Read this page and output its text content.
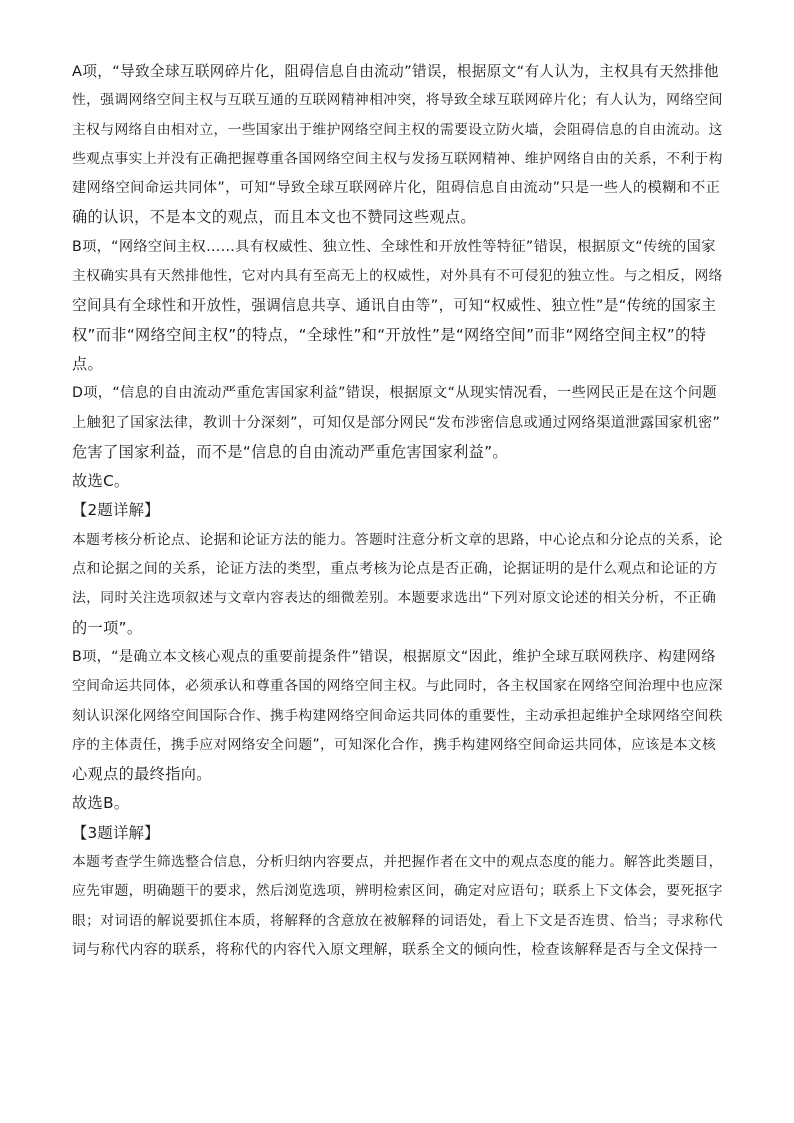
A项，“导致全球互联网碎片化，阻碍信息自由流动”错误，根据原文“有人认为，主权具有天然排他
性，强调网络空间主权与互联互通的互联网精神相冲突，将导致全球互联网碎片化；有人认为，网络空间
主权与网络自由相对立，一些国家出于维护网络空间主权的需要设立防火墙，会阻碍信息的自由流动。这
些观点事实上并没有正确把握尊重各国网络空间主权与发扬互联网精神、维护网络自由的关系，不利于构
建网络空间命运共同体”，可知“导致全球互联网碎片化，阻碍信息自由流动”只是一些人的模糊和不正
确的认识，不是本文的观点，而且本文也不赞同这些观点。
B项，“网络空间主权……具有权威性、独立性、全球性和开放性等特征”错误，根据原文“传统的国家
主权确实具有天然排他性，它对内具有至高无上的权威性，对外具有不可侵犯的独立性。与之相反，网络
空间具有全球性和开放性，强调信息共享、通讯自由等”，可知“权威性、独立性”是“传统的国家主
权”而非“网络空间主权”的特点，“全球性”和“开放性”是“网络空间”而非“网络空间主权”的特
点。
D项，“信息的自由流动严重危害国家利益”错误，根据原文“从现实情况看，一些网民正是在这个问题
上触犯了国家法律，教训十分深刻”，可知仅是部分网民“发布涉密信息或通过网络渠道泄露国家机密”
危害了国家利益，而不是“信息的自由流动严重危害国家利益”。
故选C。
【2题详解】
本题考核分析论点、论据和论证方法的能力。答题时注意分析文章的思路，中心论点和分论点的关系，论
点和论据之间的关系，论证方法的类型，重点考核为论点是否正确，论据证明的是什么观点和论证的方
法，同时关注选项叙述与文章内容表达的细微差别。本题要求选出“下列对原文论述的相关分析，不正确
的一项”。
B项，“是确立本文核心观点的重要前提条件”错误，根据原文“因此，维护全球互联网秩序、构建网络
空间命运共同体，必须承认和尊重各国的网络空间主权。与此同时，各主权国家在网络空间治理中也应深
刻认识深化网络空间国际合作、携手构建网络空间命运共同体的重要性，主动承担起维护全球网络空间秩
序的主体责任，携手应对网络安全问题”，可知深化合作，携手构建网络空间命运共同体，应该是本文核
心观点的最终指向。
故选B。
【3题详解】
本题考查学生筛选整合信息，分析归纳内容要点，并把握作者在文中的观点态度的能力。解答此类题目，
应先审题，明确题干的要求，然后浏览选项，辨明检索区间，确定对应语句；联系上下文体会，要死抠字
眼；对词语的解说要抓住本质，将解释的含意放在被解释的词语处，看上下文是否连贯、恰当；寻求称代
词与称代内容的联系，将称代的内容代入原文理解，联系全文的倾向性，检查该解释是否与全文保持一
